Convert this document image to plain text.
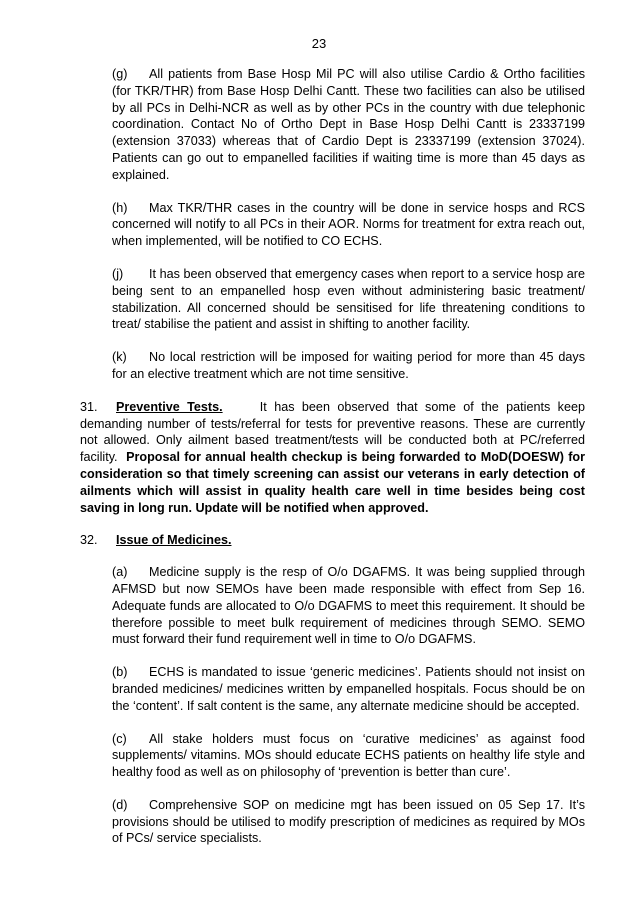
23

(g) All patients from Base Hosp Mil PC will also utilise Cardio & Ortho facilities (for TKR/THR) from Base Hosp Delhi Cantt. These two facilities can also be utilised by all PCs in Delhi-NCR as well as by other PCs in the country with due telephonic coordination. Contact No of Ortho Dept in Base Hosp Delhi Cantt is 23337199 (extension 37033) whereas that of Cardio Dept is 23337199 (extension 37024). Patients can go out to empanelled facilities if waiting time is more than 45 days as explained.

(h) Max TKR/THR cases in the country will be done in service hosps and RCS concerned will notify to all PCs in their AOR. Norms for treatment for extra reach out, when implemented, will be notified to CO ECHS.

(j) It has been observed that emergency cases when report to a service hosp are being sent to an empanelled hosp even without administering basic treatment/ stabilization. All concerned should be sensitised for life threatening conditions to treat/ stabilise the patient and assist in shifting to another facility.

(k) No local restriction will be imposed for waiting period for more than 45 days for an elective treatment which are not time sensitive.

31. Preventive Tests.	It has been observed that some of the patients keep demanding number of tests/referral for tests for preventive reasons. These are currently not allowed. Only ailment based treatment/tests will be conducted both at PC/referred facility. Proposal for annual health checkup is being forwarded to MoD(DOESW) for consideration so that timely screening can assist our veterans in early detection of ailments which will assist in quality health care well in time besides being cost saving in long run. Update will be notified when approved.

32. Issue of Medicines.

(a) Medicine supply is the resp of O/o DGAFMS. It was being supplied through AFMSD but now SEMOs have been made responsible with effect from Sep 16. Adequate funds are allocated to O/o DGAFMS to meet this requirement. It should be therefore possible to meet bulk requirement of medicines through SEMO. SEMO must forward their fund requirement well in time to O/o DGAFMS.

(b) ECHS is mandated to issue ‘generic medicines’. Patients should not insist on branded medicines/ medicines written by empanelled hospitals. Focus should be on the ‘content’. If salt content is the same, any alternate medicine should be accepted.

(c) All stake holders must focus on ‘curative medicines’ as against food supplements/ vitamins. MOs should educate ECHS patients on healthy life style and healthy food as well as on philosophy of ‘prevention is better than cure’.

(d) Comprehensive SOP on medicine mgt has been issued on 05 Sep 17. It’s provisions should be utilised to modify prescription of medicines as required by MOs of PCs/ service specialists.
